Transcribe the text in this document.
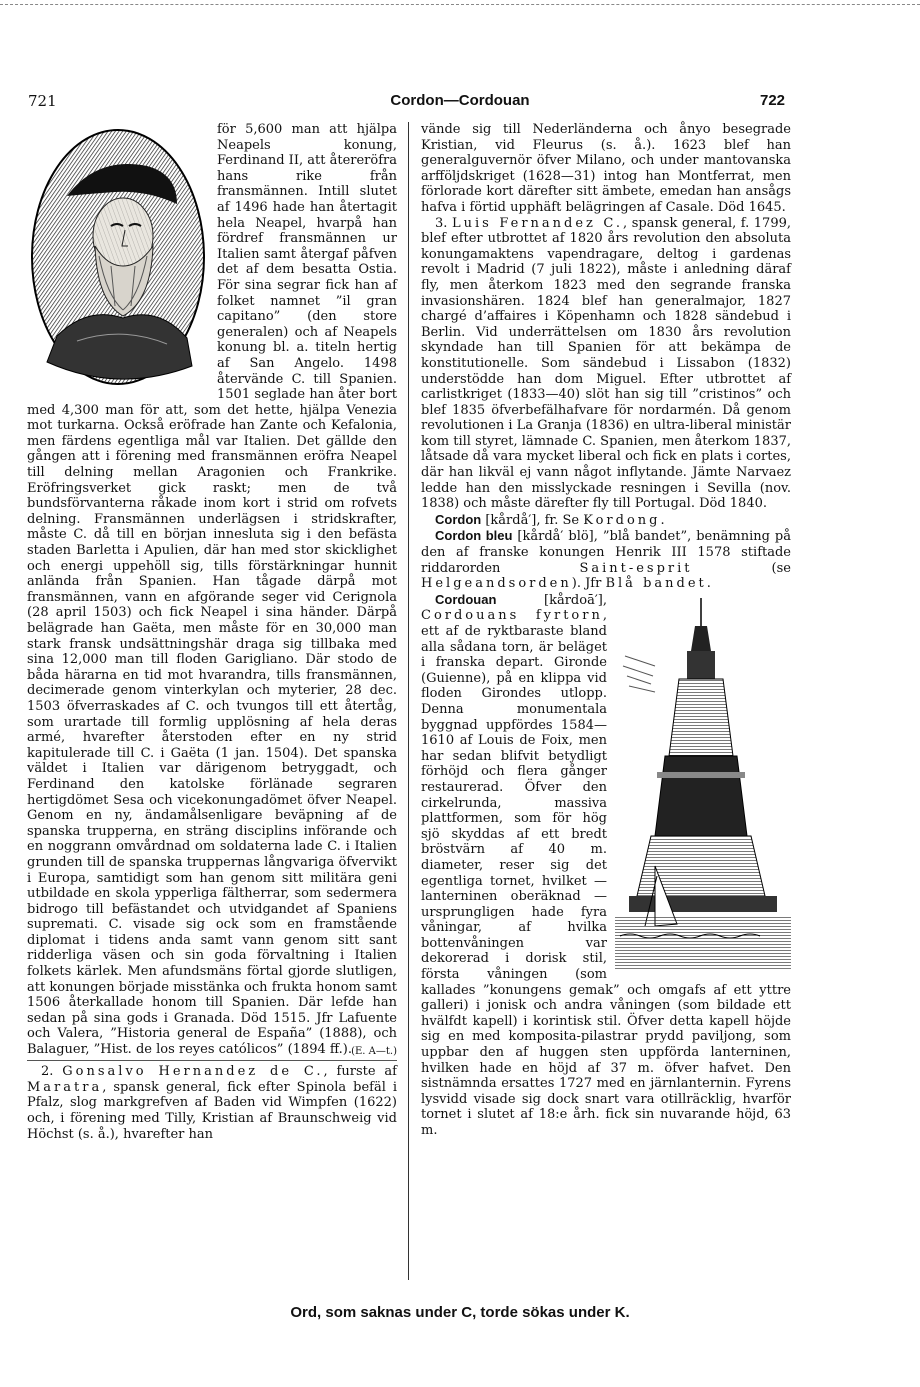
721	Cordon—Cordouan	722

för 5,600 man att hjälpa Neapels konung, Ferdinand II, att återeröfra hans rike från fransmännen. Intill slutet af 1496 hade han återtagit hela Neapel, hvarpå han fördref fransmännen ur Italien samt återgaf påfven det af dem besatta Ostia. För sina segrar fick han af folket namnet ”il gran capitano” (den store generalen) och af Neapels konung bl. a. titeln hertig af San Angelo. 1498 återvände C. till Spanien. 1501 seglade han åter bort med 4,300 man för att, som det hette, hjälpa Venezia mot turkarna. Också eröfrade han Zante och Kefalonia, men färdens egentliga mål var Italien. Det gällde den gången att i förening med fransmännen eröfra Neapel till delning mellan Aragonien och Frankrike. Eröfringsverket gick raskt; men de två bundsförvanterna råkade inom kort i strid om rofvets delning. Fransmännen underlägsen i stridskrafter, måste C. då till en början innesluta sig i den befästa staden Barletta i Apulien, där han med stor skicklighet och energi uppehöll sig, tills förstärkningar hunnit anlända från Spanien. Han tågade därpå mot fransmännen, vann en afgörande seger vid Cerignola (28 april 1503) och fick Neapel i sina händer. Därpå belägrade han Gaëta, men måste för en 30,000 man stark fransk undsättningshär draga sig tillbaka med sina 12,000 man till floden Garigliano. Där stodo de båda härarna en tid mot hvarandra, tills fransmännen, decimerade genom vinterkylan och myterier, 28 dec. 1503 öfverraskades af C. och tvungos till ett återtåg, som urartade till formlig upplösning af hela deras armé, hvarefter återstoden efter en ny strid kapitulerade till C. i Gaëta (1 jan. 1504). Det spanska väldet i Italien var därigenom betryggadt, och Ferdinand den katolske förlänade segraren hertigdömet Sesa och vicekonungadömet öfver Neapel. Genom en ny, ändamålsenligare beväpning af de spanska trupperna, en sträng disciplins införande och en noggrann omvårdnad om soldaterna lade C. i Italien grunden till de spanska truppernas långvariga öfvervikt i Europa, samtidigt som han genom sitt militära geni utbildade en skola ypperliga fältherrar, som sedermera bidrogo till befästandet och utvidgandet af Spaniens supremati. C. visade sig ock som en framstående diplomat i tidens anda samt vann genom sitt sant ridderliga väsen och sin goda förvaltning i Italien folkets kärlek. Men afundsmäns förtal gjorde slutligen, att konungen började misstänka och frukta honom samt 1506 återkallade honom till Spanien. Där lefde han sedan på sina gods i Granada. Död 1515. Jfr Lafuente och Valera, ”Historia general de España” (1888), och Balaguer, ”Hist. de los reyes católicos” (1894 ff.). (E. A—t.)

2. Gonsalvo Hernandez de C., furste af Maratra, spansk general, fick efter Spinola befäl i Pfalz, slog markgrefven af Baden vid Wimpfen (1622) och, i förening med Tilly, Kristian af Braunschweig vid Höchst (s. å.), hvarefter han

vände sig till Nederländerna och ånyo besegrade Kristian, vid Fleurus (s. å.). 1623 blef han generalguvernör öfver Milano, och under mantovanska arfföljdskriget (1628—31) intog han Montferrat, men förlorade kort därefter sitt ämbete, emedan han ansågs hafva i förtid upphäft belägringen af Casale. Död 1645.

3. Luis Fernandez C., spansk general, f. 1799, blef efter utbrottet af 1820 års revolution den absoluta konungamaktens vapendragare, deltog i gardenas revolt i Madrid (7 juli 1822), måste i anledning däraf fly, men återkom 1823 med den segrande franska invasionshären. 1824 blef han generalmajor, 1827 chargé d’affaires i Köpenhamn och 1828 sändebud i Berlin. Vid underrättelsen om 1830 års revolution skyndade han till Spanien för att bekämpa de konstitutionelle. Som sändebud i Lissabon (1832) understödde han dom Miguel. Efter utbrottet af carlistkriget (1833—40) slöt han sig till ”cristinos” och blef 1835 öfverbefälhafvare för nordarmén. Då genom revolutionen i La Granja (1836) en ultra-liberal ministär kom till styret, lämnade C. Spanien, men återkom 1837, låtsade då vara mycket liberal och fick en plats i cortes, där han likväl ej vann något inflytande. Jämte Narvaez ledde han den misslyckade resningen i Sevilla (nov. 1838) och måste därefter fly till Portugal. Död 1840.

Cordon [kårdå′], fr. Se Kordong.

Cordon bleu [kårdå′ blö], ”blå bandet”, benämning på den af franske konungen Henrik III 1578 stiftade riddarorden Saint-esprit (se Helgeandsorden). Jfr Blå bandet.

Cordouan [kårdoā′], Cordouans fyrtorn, ett af de ryktbaraste bland alla sådana torn, är beläget i franska depart. Gironde (Guienne), på en klippa vid floden Girondes utlopp. Denna monumentala byggnad uppfördes 1584—1610 af Louis de Foix, men har sedan blifvit betydligt förhöjd och flera gånger restaurerad. Öfver den cirkelrunda, massiva plattformen, som för hög sjö skyddas af ett bredt bröstvärn af 40 m. diameter, reser sig det egentliga tornet, hvilket — lanterninen oberäknad — ursprungligen hade fyra våningar, af hvilka bottenvåningen var dekorerad i dorisk stil, första våningen (som kallades ”konungens gemak” och omgafs af ett yttre galleri) i jonisk och andra våningen (som bildade ett hvälfdt kapell) i korintisk stil. Öfver detta kapell höjde sig en med komposita-pilastrar prydd paviljong, som uppbar den af huggen sten uppförda lanterninen, hvilken hade en höjd af 37 m. öfver hafvet. Den sistnämnda ersattes 1727 med en järnlanternin. Fyrens lysvidd visade sig dock snart vara otillräcklig, hvarför tornet i slutet af 18:e årh. fick sin nuvarande höjd, 63 m.

Ord, som saknas under C, torde sökas under K.
